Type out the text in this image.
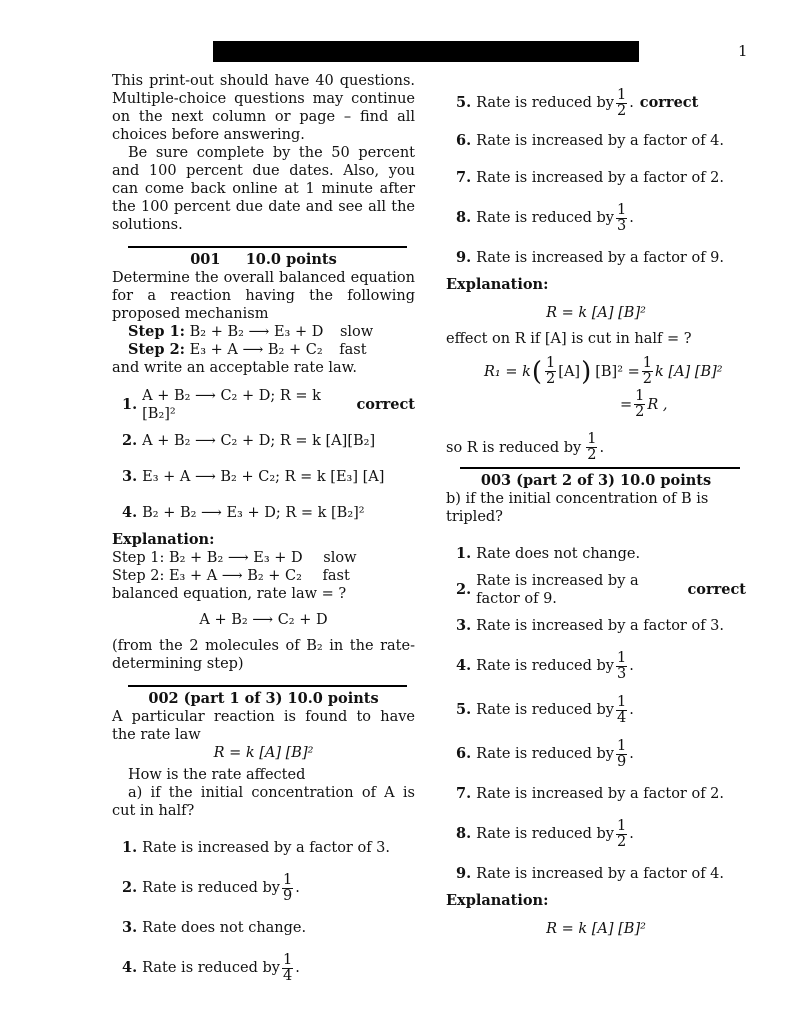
1

This print-out should have 40 questions. Multiple-choice questions may continue on the next column or page – find all choices before answering.

Be sure complete by the 50 percent and 100 percent due dates. Also, you can come back online at 1 minute after the 100 percent due date and see all the solutions.

001     10.0 points

Determine the overall balanced equation for a reaction having the following proposed mechanism

Step 1: B₂ + B₂ ⟶ E₃ + D slow
Step 2: E₃ + A ⟶ B₂ + C₂ fast

and write an acceptable rate law.

1. A + B₂ ⟶ C₂ + D; R = k [B₂]²
correct
2. A + B₂ ⟶ C₂ + D; R = k [A][B₂]
3. E₃ + A ⟶ B₂ + C₂; R = k [E₃] [A]
4. B₂ + B₂ ⟶ E₃ + D; R = k [B₂]²
Explanation:
Step 1: B₂ + B₂ ⟶ E₃ + D slow
Step 2: E₃ + A ⟶ B₂ + C₂ fast

balanced equation, rate law = ?

A + B₂ ⟶ C₂ + D

(from the 2 molecules of B₂ in the rate-determining step)

002 (part 1 of 3) 10.0 points

A particular reaction is found to have the rate law

R = k [A] [B]²

How is the rate affected

a) if the initial concentration of A is cut in half?

1. Rate is increased by a factor of 3.
2. Rate is reduced by $\frac{1}{9}$ .
3. Rate does not change.
4. Rate is reduced by $\frac{1}{4}$ .
5. Rate is reduced by $\frac{1}{2}$ . correct
6. Rate is increased by a factor of 4.
7. Rate is increased by a factor of 2.
8. Rate is reduced by $\frac{1}{3}$ .
9. Rate is increased by a factor of 9.
Explanation:

R = k [A] [B]²

effect on R if [A] is cut in half = ?

R₁ = k ( $\frac{1}{2} [A]$ ) $[B]^2 = \frac{1}{2}$ k [A] [B]²
= $\frac{1}{2}$ R ,
so R is reduced by $\frac{1}{2}$ .
003 (part 2 of 3) 10.0 points

b) if the initial concentration of B is tripled?

1. Rate does not change.
2. Rate is increased by a factor of 9.
correct
3. Rate is increased by a factor of 3.
4. Rate is reduced by $\frac{1}{3}$ .
5. Rate is reduced by $\frac{1}{4}$ .
6. Rate is reduced by $\frac{1}{9}$ .
7. Rate is increased by a factor of 2.
8. Rate is reduced by $\frac{1}{2}$ .
9. Rate is increased by a factor of 4.
Explanation:

R = k [A] [B]²
